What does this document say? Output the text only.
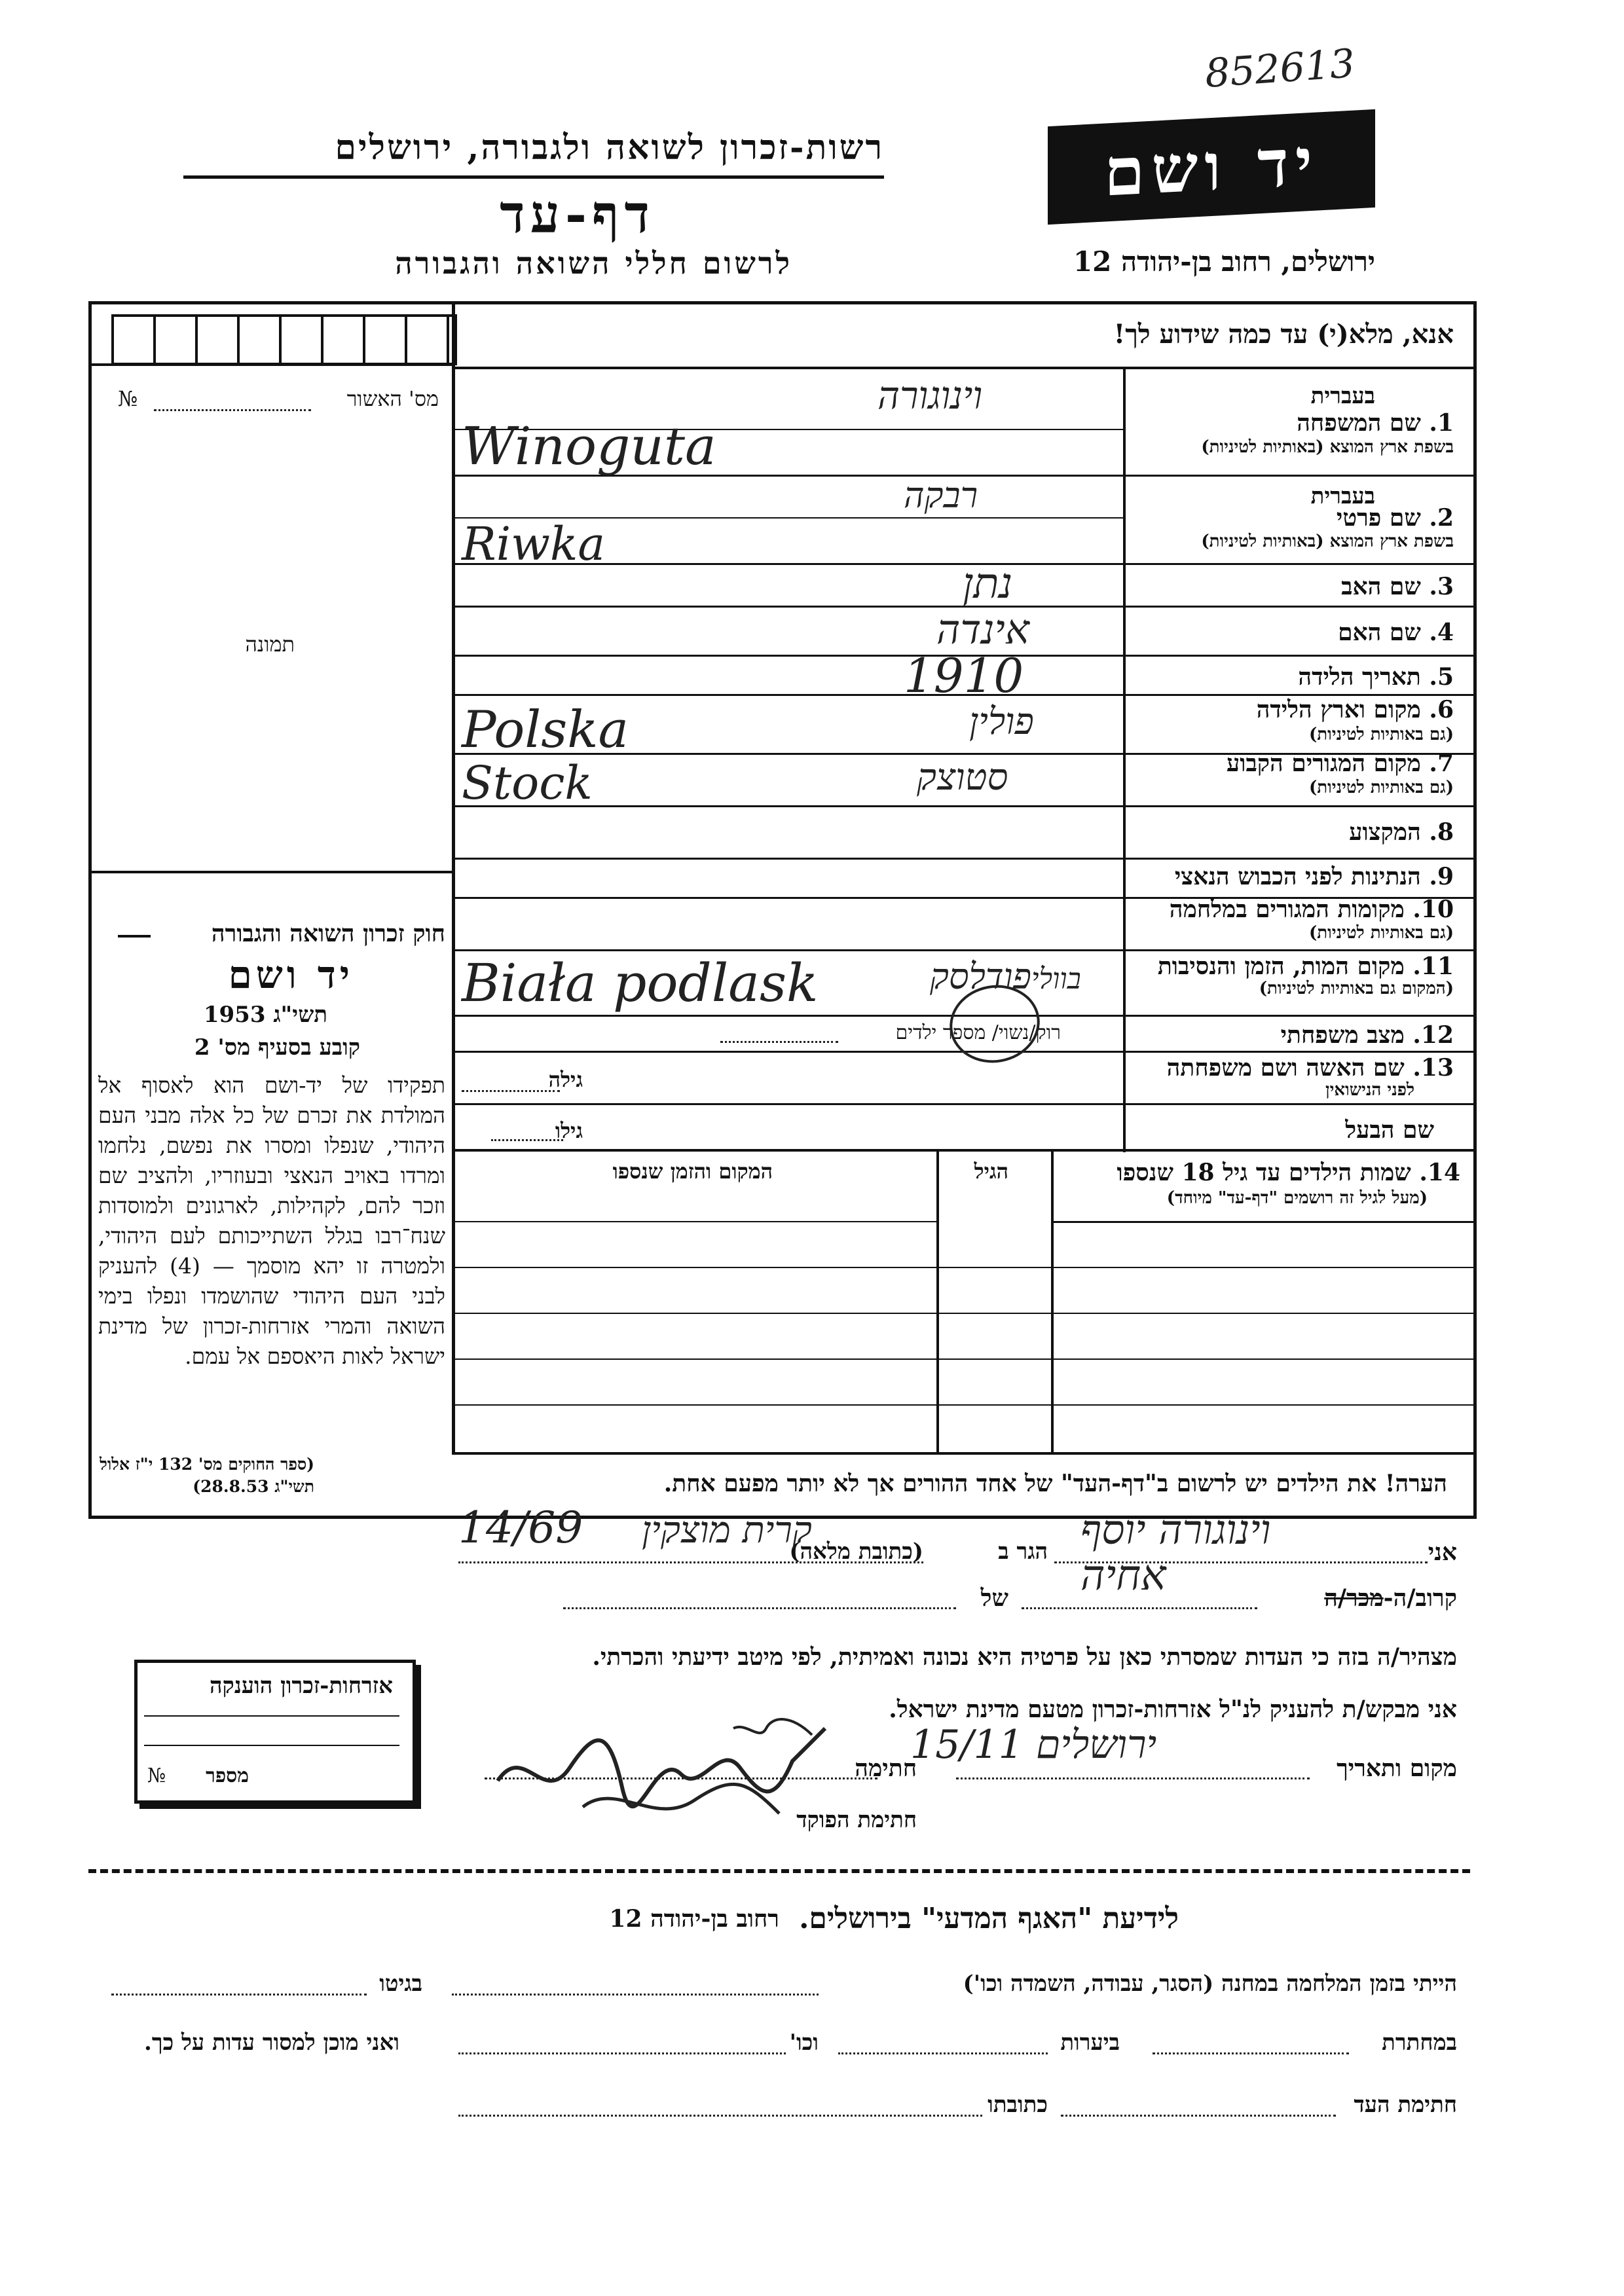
852613
יד ושם
ירושלים, רחוב בן-יהודה 12
רשות-זכרון לשואה ולגבורה, ירושלים
דף-עד
לרשום חללי השואה והגבורה
מס' האשור
№
תמונה
חוק זכרון השואה והגבורה
יד ושם
תשי"ג 1953
קובע בסעיף מס' 2
תפקידו של יד-ושם הוא לאסוף אל המולדת את זכרם של כל אלה מבני העם היהודי, שנפלו ומסרו את נפשם, נלחמו ומרדו באויב הנאצי ובעוזריו, ולהציב שם וזכר להם, לקהילות, לארגונים ולמוסדות שנח־רבו בגלל השתייכותם לעם היהודי, ולמטרה זו יהא מוסמך — (4) להעניק לבני העם היהודי שהושמדו ונפלו בימי השואה והמרי אזרחות-זכרון של מדינת ישראל לאות היאספם אל עמם.
(ספר החוקים מס' 132 י"ז אלול תשי"ג 28.8.53)
אנא, מלא(י) עד כמה שידוע לך!
בעברית
1. שם המשפחה
בשפת ארץ המוצא (באותיות לטיניות)
וינוגורה
Winoguta
בעברית
2. שם פרטי
בשפת ארץ המוצא (באותיות לטיניות)
רבקה
Riwka
3. שם האב
נתן
4. שם האם
אינדה
5. תאריך הלידה
1910
6. מקום וארץ הלידה
(גם באותיות לטיניות)
פולין
Polska
7. מקום המגורים הקבוע
(גם באותיות לטיניות)
סטוצק
Stock
8. המקצוע
9. הנתינות לפני הכבוש הנאצי
10. מקומות המגורים במלחמה
(גם באותיות לטיניות)
11. מקום המות, הזמן והנסיבות
(המקום גם באותיות לטיניות)
Biała podlask	פודלסק בוולי
12. מצב משפחתי
רוק/נשוי/ מספר ילדים
13. שם האשה ושם משפחתה
לפני הנישואין
גילה
שם הבעל
גילו
14. שמות הילדים עד גיל 18 שנספו
(מעל לגיל זה רושמים "דף-עד" מיוחד)
הגיל
המקום והזמן שנספו
הערה! את הילדים יש לרשום ב"דף-העד" של אחד ההורים אך לא יותר מפעם אחת.
אני
וינוגורה יוסף
הגר ב
(כתובת מלאה)
קרית מוצקין
14/69
קרוב/ה-מכר/ה
אחיה
של
מצהיר/ה בזה כי העדות שמסרתי כאן על פרטיה היא נכונה ואמיתית, לפי מיטב ידיעתי והכרתי.
אני מבקש/ת להעניק לנ"ל אזרחות-זכרון מטעם מדינת ישראל.
מקום ותאריך
ירושלים 15/11
חתימה
חתימת הפוקד
אזרחות-זכרון הוענקה
מספר
№
לידיעת "האגף המדעי" בירושלים.
רחוב בן-יהודה 12
הייתי בזמן המלחמה במחנה (הסגר, עבודה, השמדה וכו')
בגיטו
במחתרת
ביערות
וכו'
ואני מוכן למסור עדות על כך.
חתימת העד
כתובתו
